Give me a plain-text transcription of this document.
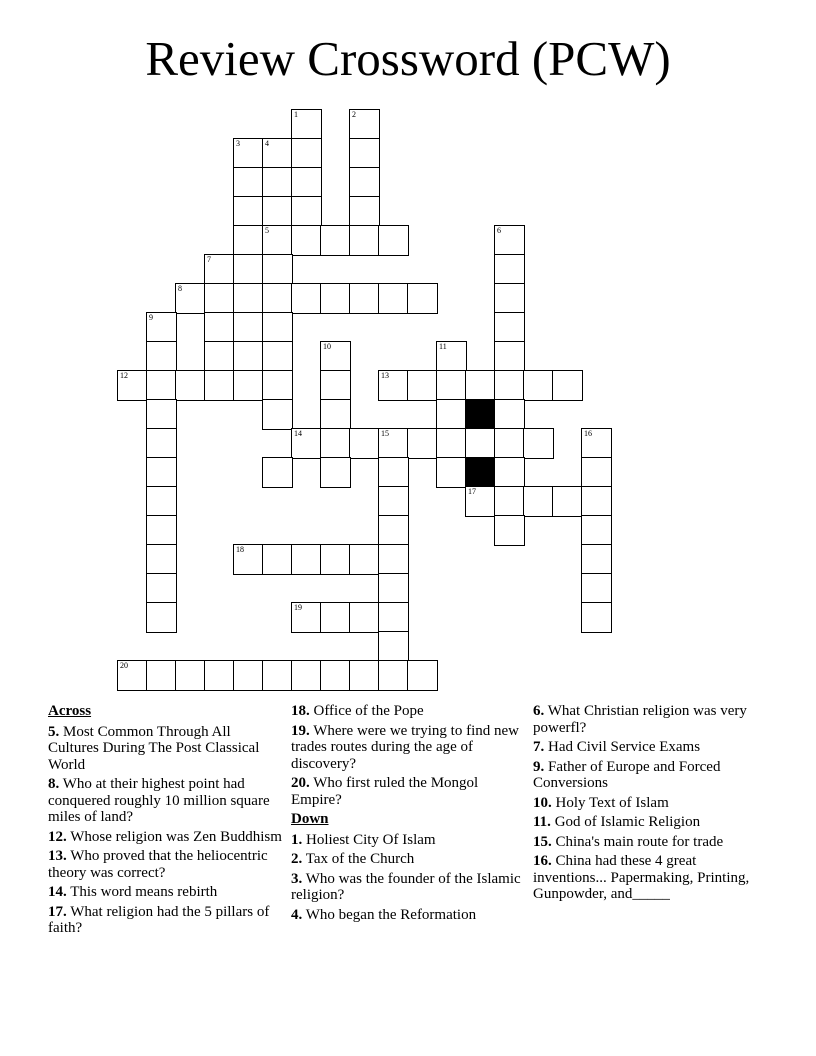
Review Crossword (PCW)
1	2
3	4
5	6
7
8
9
10	11
12	13
14	15	16
17
18
19
20
Across
5. Most Common Through All Cultures During The Post Classical World
8. Who at their highest point had conquered roughly 10 million square miles of land?
12. Whose religion was Zen Buddhism
13. Who proved that the heliocentric theory was correct?
14. This word means rebirth
17. What religion had the 5 pillars of faith?
18. Office of the Pope
19. Where were we trying to find new trades routes during the age of discovery?
20. Who first ruled the Mongol Empire?
Down
1. Holiest City Of Islam
2. Tax of the Church
3. Who was the founder of the Islamic religion?
4. Who began the Reformation
6. What Christian religion was very powerfl?
7. Had Civil Service Exams
9. Father of Europe and Forced Conversions
10. Holy Text of Islam
11. God of Islamic Religion
15. China's main route for trade
16. China had these 4 great inventions... Papermaking, Printing, Gunpowder, and_____
